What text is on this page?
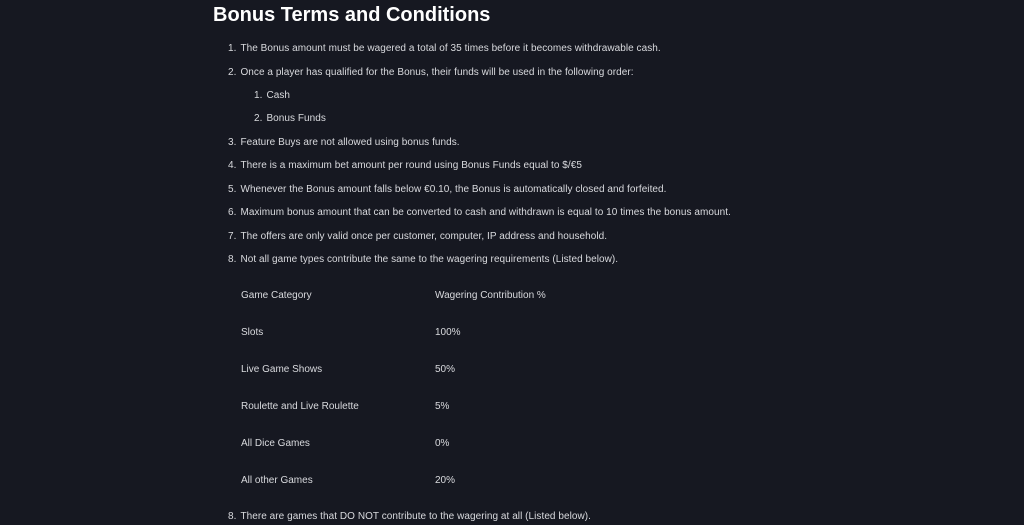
Bonus Terms and Conditions
1. The Bonus amount must be wagered a total of 35 times before it becomes withdrawable cash.
2. Once a player has qualified for the Bonus, their funds will be used in the following order:
1. Cash
2. Bonus Funds
3. Feature Buys are not allowed using bonus funds.
4. There is a maximum bet amount per round using Bonus Funds equal to $/€5
5. Whenever the Bonus amount falls below €0.10, the Bonus is automatically closed and forfeited.
6. Maximum bonus amount that can be converted to cash and withdrawn is equal to 10 times the bonus amount.
7. The offers are only valid once per customer, computer, IP address and household.
8. Not all game types contribute the same to the wagering requirements (Listed below).
Game Category	Wagering Contribution %
Slots	100%
Live Game Shows	50%
Roulette and Live Roulette	5%
All Dice Games	0%
All other Games	20%
8. There are games that DO NOT contribute to the wagering at all (Listed below).
